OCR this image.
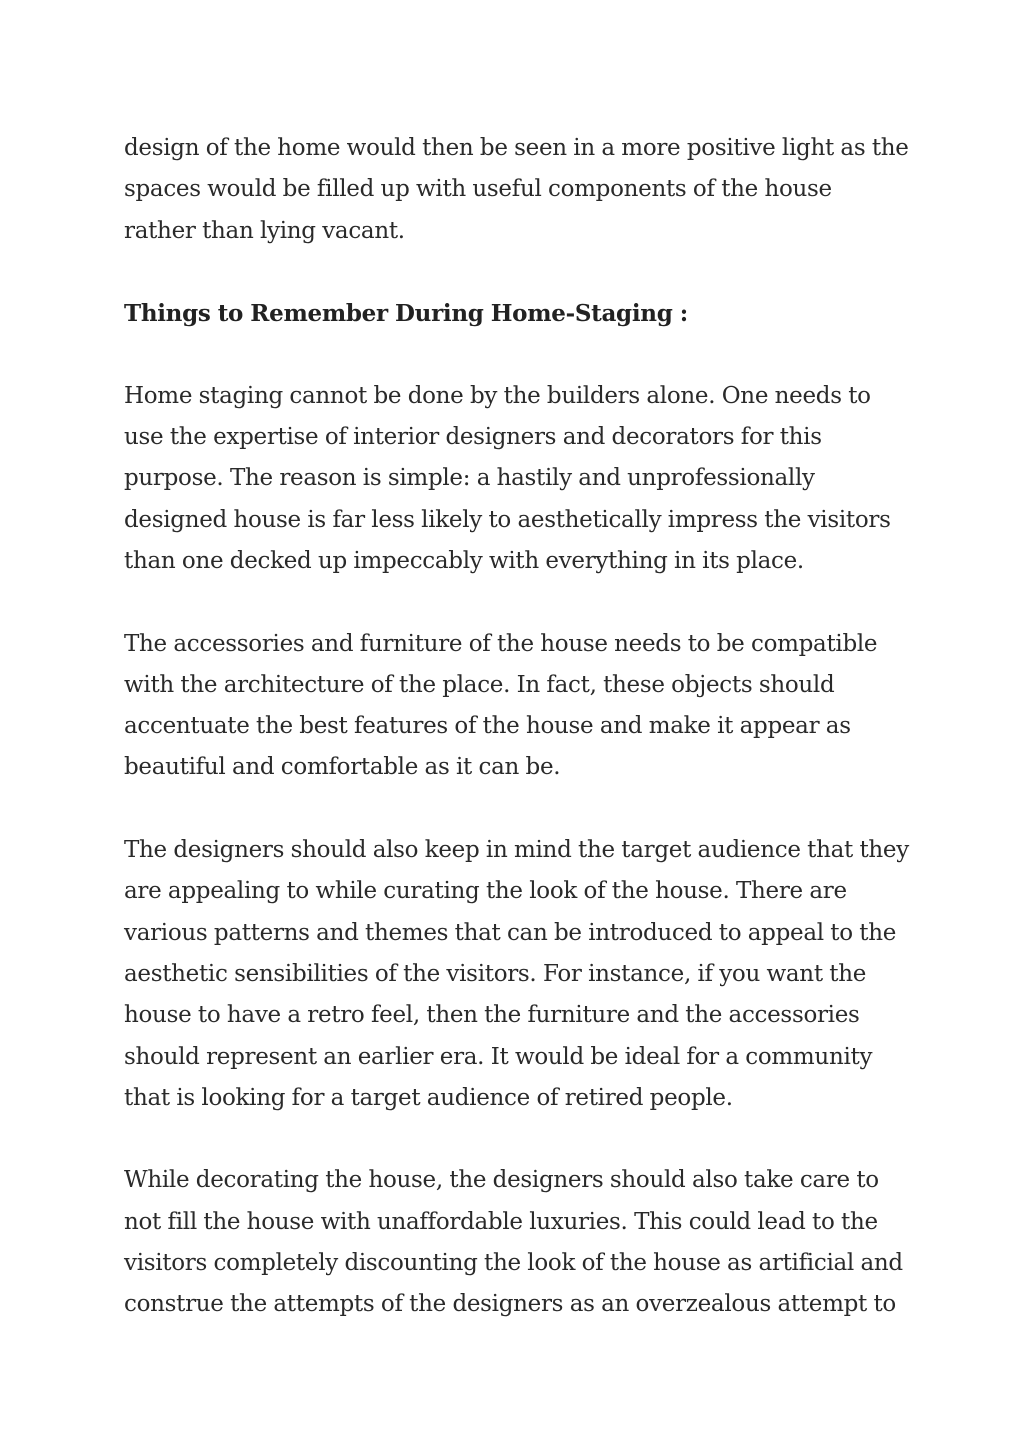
design of the home would then be seen in a more positive light as the
spaces would be filled up with useful components of the house
rather than lying vacant.

Things to Remember During Home-Staging :

Home staging cannot be done by the builders alone. One needs to
use the expertise of interior designers and decorators for this
purpose. The reason is simple: a hastily and unprofessionally
designed house is far less likely to aesthetically impress the visitors
than one decked up impeccably with everything in its place.

The accessories and furniture of the house needs to be compatible
with the architecture of the place. In fact, these objects should
accentuate the best features of the house and make it appear as
beautiful and comfortable as it can be.

The designers should also keep in mind the target audience that they
are appealing to while curating the look of the house. There are
various patterns and themes that can be introduced to appeal to the
aesthetic sensibilities of the visitors. For instance, if you want the
house to have a retro feel, then the furniture and the accessories
should represent an earlier era. It would be ideal for a community
that is looking for a target audience of retired people.

While decorating the house, the designers should also take care to
not fill the house with unaffordable luxuries. This could lead to the
visitors completely discounting the look of the house as artificial and
construe the attempts of the designers as an overzealous attempt to
